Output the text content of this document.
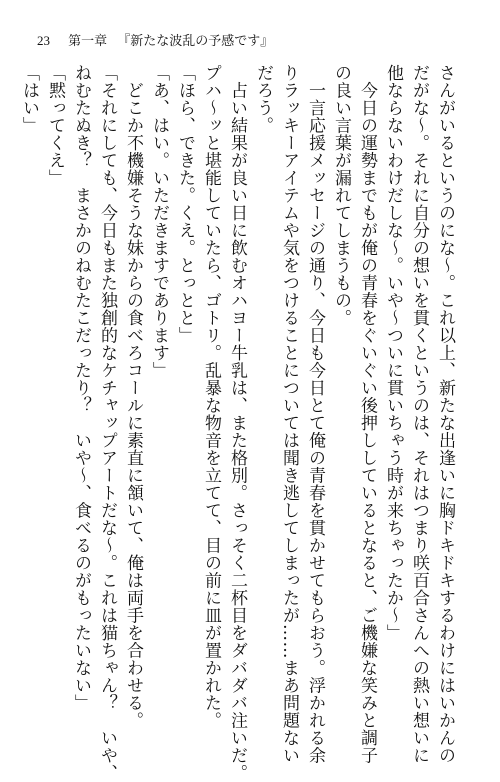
23 第一章 『新たな波乱の予感です』
さんがいるというのにな〜。これ以上、新たな出逢いに胸ドキドキするわけにはいかんの
だがな〜。それに自分の想いを貫くというのは、それはつまり咲百合さんへの熱い想いに
他ならないわけだしな〜。いや〜ついに貫いちゃう時が来ちゃったか〜」
　今日の運勢までもが俺の青春をぐいぐい後押ししているとなると、ご機嫌な笑みと調子
の良い言葉が漏れてしまうもの。
　一言応援メッセージの通り、今日も今日とて俺の青春を貫かせてもらおう。浮かれる余
りラッキーアイテムや気をつけることについては聞き逃してしまったが……まあ問題ない
だろう。
　占い結果が良い日に飲むオハヨー牛乳は、また格別。さっそく二杯目をダバダバ注いだ。
プハ〜ッと堪能していたら、ゴトリ。乱暴な物音を立てて、目の前に皿が置かれた。
「ほら、できた。くえ。とっとと」
「あ、はい。いただきますであります」
　どこか不機嫌そうな妹からの食べろコールに素直に頷いて、俺は両手を合わせる。
「それにしても、今日もまた独創的なケチャップアートだな〜。これは猫ちゃん？　いや、
ねむたぬき？　まさかのねむたこだったり？　いや〜、食べるのがもったいない」
「黙ってくえ」
「はい」
